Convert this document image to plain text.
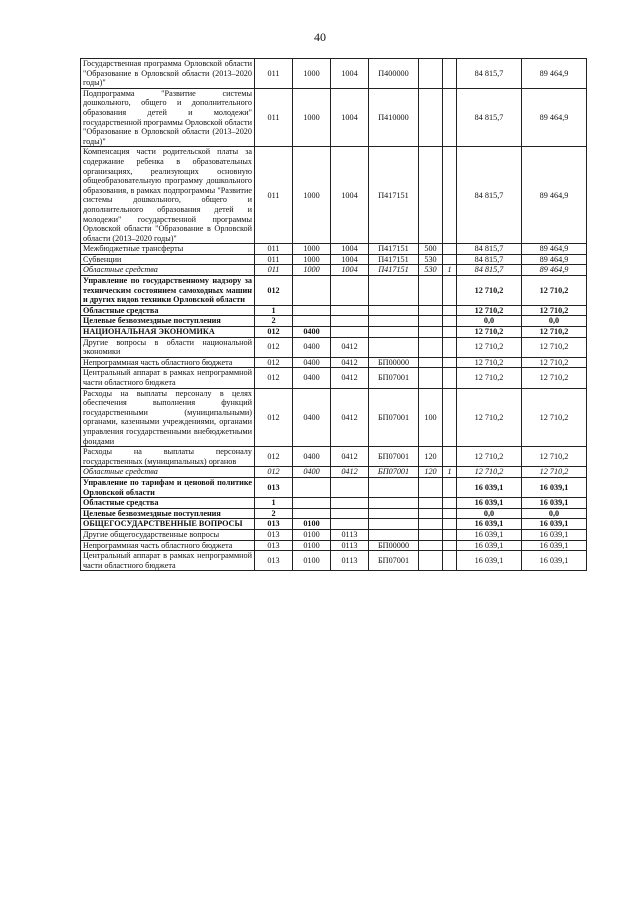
40
Государственная программа Орловской области "Образование в Орловской области (2013–2020 годы)"	011	1000	1004	П400000			84 815,7	89 464,9
Подпрограмма "Развитие системы дошкольного, общего и дополнительного образования детей и молодежи" государственной программы Орловской области "Образование в Орловской области (2013–2020 годы)"	011	1000	1004	П410000			84 815,7	89 464,9
Компенсация части родительской платы за содержание ребенка в образовательных организациях, реализующих основную общеобразовательную программу дошкольного образования, в рамках подпрограммы "Развитие системы дошкольного, общего и дополнительного образования детей и молодежи" государственной программы Орловской области "Образование в Орловской области (2013–2020 годы)"	011	1000	1004	П417151			84 815,7	89 464,9
Межбюджетные трансферты	011	1000	1004	П417151	500		84 815,7	89 464,9
Субвенции	011	1000	1004	П417151	530		84 815,7	89 464,9
Областные средства	011	1000	1004	П417151	530	1	84 815,7	89 464,9
Управление по государственному надзору за техническим состоянием самоходных машин и других видов техники Орловской области	012						12 710,2	12 710,2
Областные средства	1						12 710,2	12 710,2
Целевые безвозмездные поступления	2						0,0	0,0
НАЦИОНАЛЬНАЯ ЭКОНОМИКА	012	0400					12 710,2	12 710,2
Другие вопросы в области национальной экономики	012	0400	0412				12 710,2	12 710,2
Непрограммная часть областного бюджета	012	0400	0412	БП00000			12 710,2	12 710,2
Центральный аппарат в рамках непрограммной части областного бюджета	012	0400	0412	БП07001			12 710,2	12 710,2
Расходы на выплаты персоналу в целях обеспечения выполнения функций государственными (муниципальными) органами, казенными учреждениями, органами управления государственными внебюджетными фондами	012	0400	0412	БП07001	100		12 710,2	12 710,2
Расходы на выплаты персоналу государственных (муниципальных) органов	012	0400	0412	БП07001	120		12 710,2	12 710,2
Областные средства	012	0400	0412	БП07001	120	1	12 710,2	12 710,2
Управление по тарифам и ценовой политике Орловской области	013						16 039,1	16 039,1
Областные средства	1						16 039,1	16 039,1
Целевые безвозмездные поступления	2						0,0	0,0
ОБЩЕГОСУДАРСТВЕННЫЕ ВОПРОСЫ	013	0100					16 039,1	16 039,1
Другие общегосударственные вопросы	013	0100	0113				16 039,1	16 039,1
Непрограммная часть областного бюджета	013	0100	0113	БП00000			16 039,1	16 039,1
Центральный аппарат в рамках непрограммной части областного бюджета	013	0100	0113	БП07001			16 039,1	16 039,1
